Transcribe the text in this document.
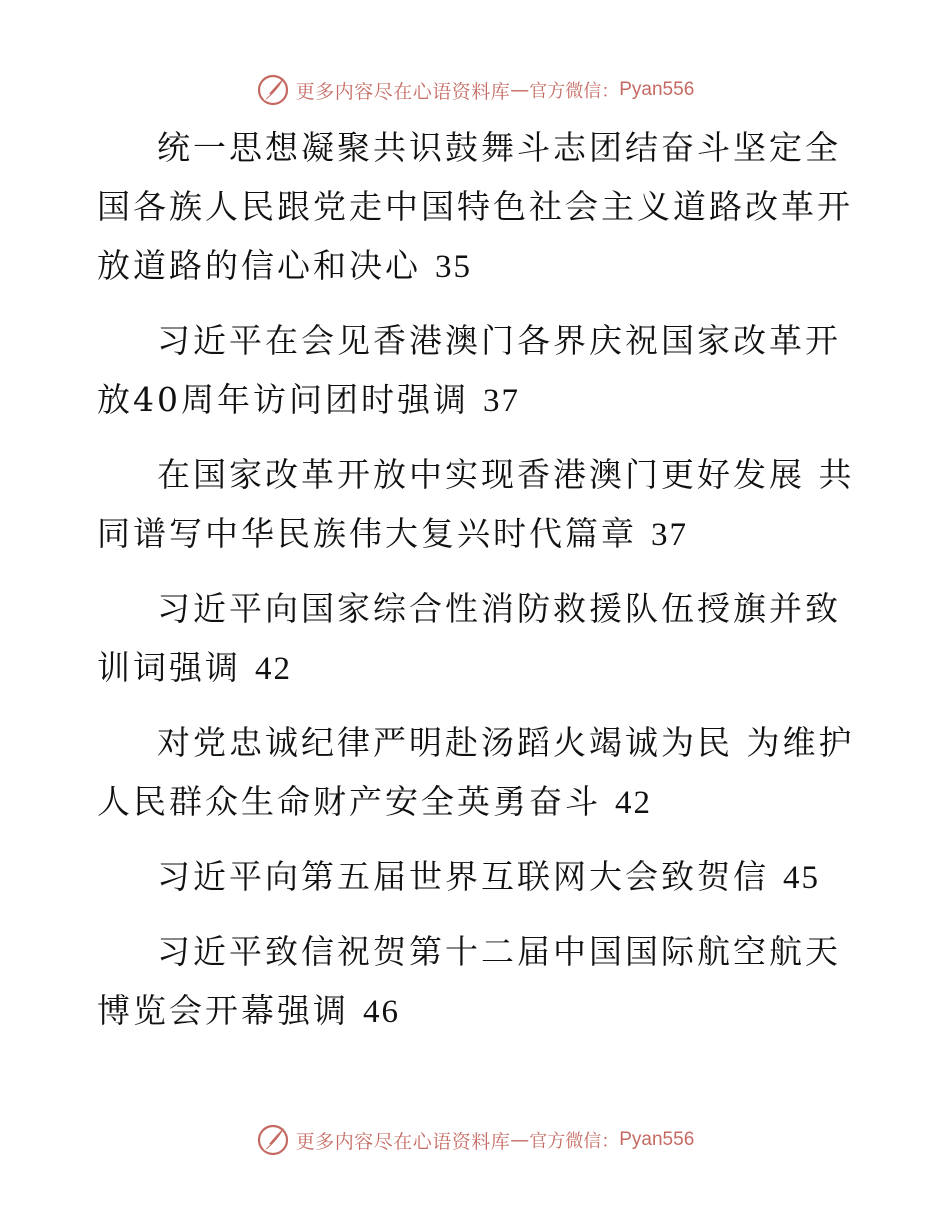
更多内容尽在心语资料库 — 官方微信： Pyan556

统一思想凝聚共识鼓舞斗志团结奋斗坚定全国各族人民跟党走中国特色社会主义道路改革开放道路的信心和决心 35

习近平在会见香港澳门各界庆祝国家改革开放40周年访问团时强调 37

在国家改革开放中实现香港澳门更好发展 共同谱写中华民族伟大复兴时代篇章 37

习近平向国家综合性消防救援队伍授旗并致训词强调 42

对党忠诚纪律严明赴汤蹈火竭诚为民 为维护人民群众生命财产安全英勇奋斗 42

习近平向第五届世界互联网大会致贺信 45

习近平致信祝贺第十二届中国国际航空航天博览会开幕强调 46

更多内容尽在心语资料库 — 官方微信： Pyan556
